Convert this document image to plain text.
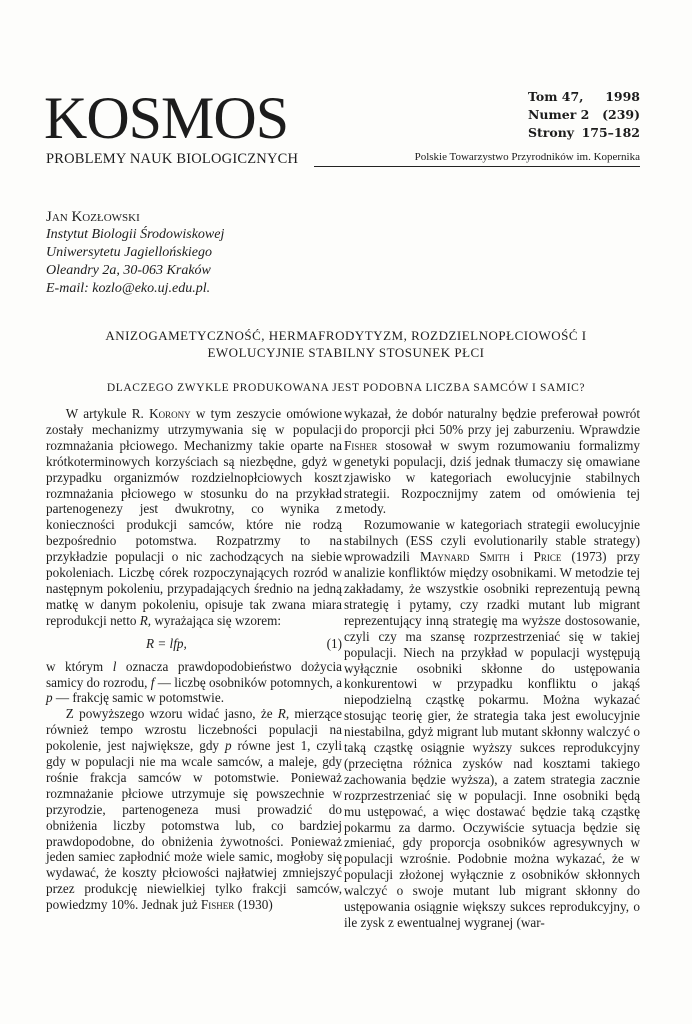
KOSMOS
PROBLEMY NAUK BIOLOGICZNYCH	Polskie Towarzystwo Przyrodników im. Kopernika
Tom 47, 1998
Numer 2 (239)
Strony 175–182
Jan Kozłowski
Instytut Biologii Środowiskowej
Uniwersytetu Jagiellońskiego
Oleandry 2a, 30-063 Kraków
E-mail: kozlo@eko.uj.edu.pl.
ANIZOGAMETYCZNOŚĆ, HERMAFRODYTYZM, ROZDZIELNOPŁCIOWOŚĆ I
EWOLUCYJNIE STABILNY STOSUNEK PŁCI
DLACZEGO ZWYKLE PRODUKOWANA JEST PODOBNA LICZBA SAMCÓW I SAMIC?

W artykule R. Korony w tym zeszycie omówione zostały mechanizmy utrzymywania się w populacji rozmnażania płciowego. Mechanizmy takie oparte na krótkoterminowych korzyściach są niezbędne, gdyż w przypadku organizmów rozdzielnopłciowych koszt rozmnażania płciowego w stosunku do na przykład partenogenezy jest dwukrotny, co wynika z konieczności produkcji samców, które nie rodzą bezpośrednio potomstwa. Rozpatrzmy to na przykładzie populacji o nic zachodzących na siebie pokoleniach. Liczbę córek rozpoczynających rozród w następnym pokoleniu, przypadających średnio na jedną matkę w danym pokoleniu, opisuje tak zwana miara reprodukcji netto R, wyrażająca się wzorem:

R = lfp,	(1)

w którym l oznacza prawdopodobieństwo dożycia samicy do rozrodu, f — liczbę osobników potomnych, a p — frakcję samic w potomstwie.

Z powyższego wzoru widać jasno, że R, mierzące również tempo wzrostu liczebności populacji na pokolenie, jest największe, gdy p równe jest 1, czyli gdy w populacji nie ma wcale samców, a maleje, gdy rośnie frakcja samców w potomstwie. Ponieważ rozmnażanie płciowe utrzymuje się powszechnie w przyrodzie, partenogeneza musi prowadzić do obniżenia liczby potomstwa lub, co bardziej prawdopodobne, do obniżenia żywotności. Ponieważ jeden samiec zapłodnić może wiele samic, mogłoby się wydawać, że koszty płciowości najłatwiej zmniejszyć przez produkcję niewielkiej tylko frakcji samców, powiedzmy 10%. Jednak już Fisher (1930)

wykazał, że dobór naturalny będzie preferował powrót do proporcji płci 50% przy jej zaburzeniu. Wprawdzie Fisher stosował w swym rozumowaniu formalizmy genetyki populacji, dziś jednak tłumaczy się omawiane zjawisko w kategoriach ewolucyjnie stabilnych strategii. Rozpocznijmy zatem od omówienia tej metody.

Rozumowanie w kategoriach strategii ewolucyjnie stabilnych (ESS czyli evolutionarily stable strategy) wprowadzili Maynard Smith i Price (1973) przy analizie konfliktów między osobnikami. W metodzie tej zakładamy, że wszystkie osobniki reprezentują pewną strategię i pytamy, czy rzadki mutant lub migrant reprezentujący inną strategię ma wyższe dostosowanie, czyli czy ma szansę rozprzestrzeniać się w takiej populacji. Niech na przykład w populacji występują wyłącznie osobniki skłonne do ustępowania konkurentowi w przypadku konfliktu o jakąś niepodzielną cząstkę pokarmu. Można wykazać stosując teorię gier, że strategia taka jest ewolucyjnie niestabilna, gdyż migrant lub mutant skłonny walczyć o taką cząstkę osiągnie wyższy sukces reprodukcyjny (przeciętna różnica zysków nad kosztami takiego zachowania będzie wyższa), a zatem strategia zacznie rozprzestrzeniać się w populacji. Inne osobniki będą mu ustępować, a więc dostawać będzie taką cząstkę pokarmu za darmo. Oczywiście sytuacja będzie się zmieniać, gdy proporcja osobników agresywnych w populacji wzrośnie. Podobnie można wykazać, że w populacji złożonej wyłącznie z osobników skłonnych walczyć o swoje mutant lub migrant skłonny do ustępowania osiągnie większy sukces reprodukcyjny, o ile zysk z ewentualnej wygranej (war-
